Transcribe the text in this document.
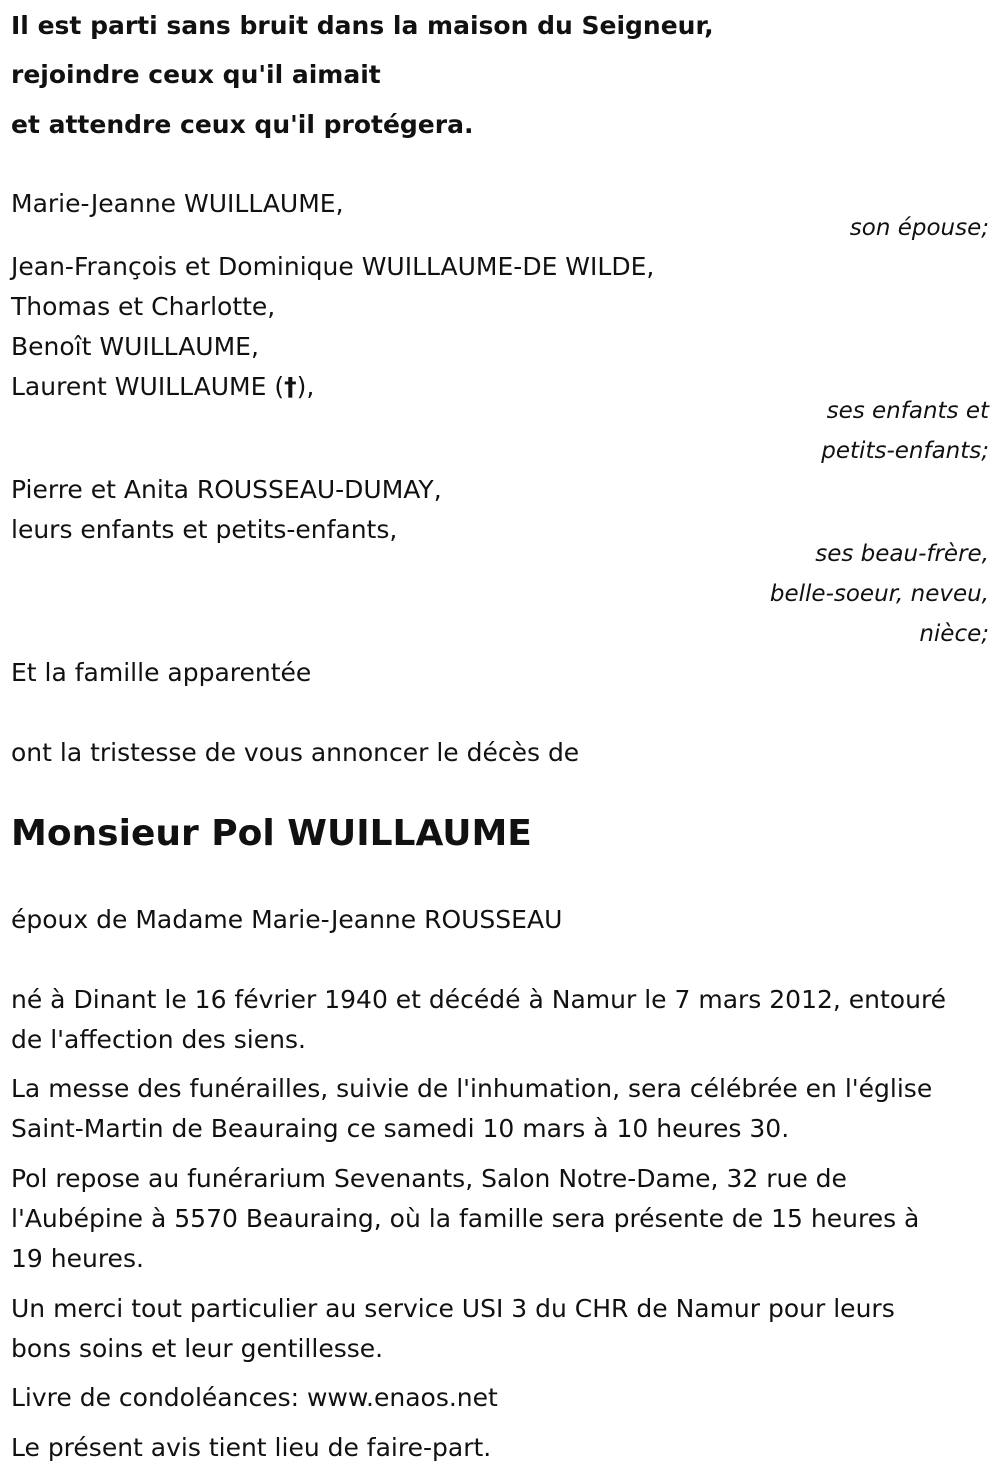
Il est parti sans bruit dans la maison du Seigneur,
rejoindre ceux qu'il aimait
et attendre ceux qu'il protégera.
Marie-Jeanne WUILLAUME,
son épouse;
Jean-François et Dominique WUILLAUME-DE WILDE,
Thomas et Charlotte,
Benoît WUILLAUME,
Laurent WUILLAUME (†),
ses enfants et
petits-enfants;
Pierre et Anita ROUSSEAU-DUMAY,
leurs enfants et petits-enfants,
ses beau-frère,
belle-soeur, neveu,
nièce;
Et la famille apparentée
ont la tristesse de vous annoncer le décès de
Monsieur Pol WUILLAUME
époux de Madame Marie-Jeanne ROUSSEAU
né à Dinant le 16 février 1940 et décédé à Namur le 7 mars 2012, entouré
de l'affection des siens.
La messe des funérailles, suivie de l'inhumation, sera célébrée en l'église
Saint-Martin de Beauraing ce samedi 10 mars à 10 heures 30.
Pol repose au funérarium Sevenants, Salon Notre-Dame, 32 rue de
l'Aubépine à 5570 Beauraing, où la famille sera présente de 15 heures à
19 heures.
Un merci tout particulier au service USI 3 du CHR de Namur pour leurs
bons soins et leur gentillesse.
Livre de condoléances: www.enaos.net
Le présent avis tient lieu de faire-part.
